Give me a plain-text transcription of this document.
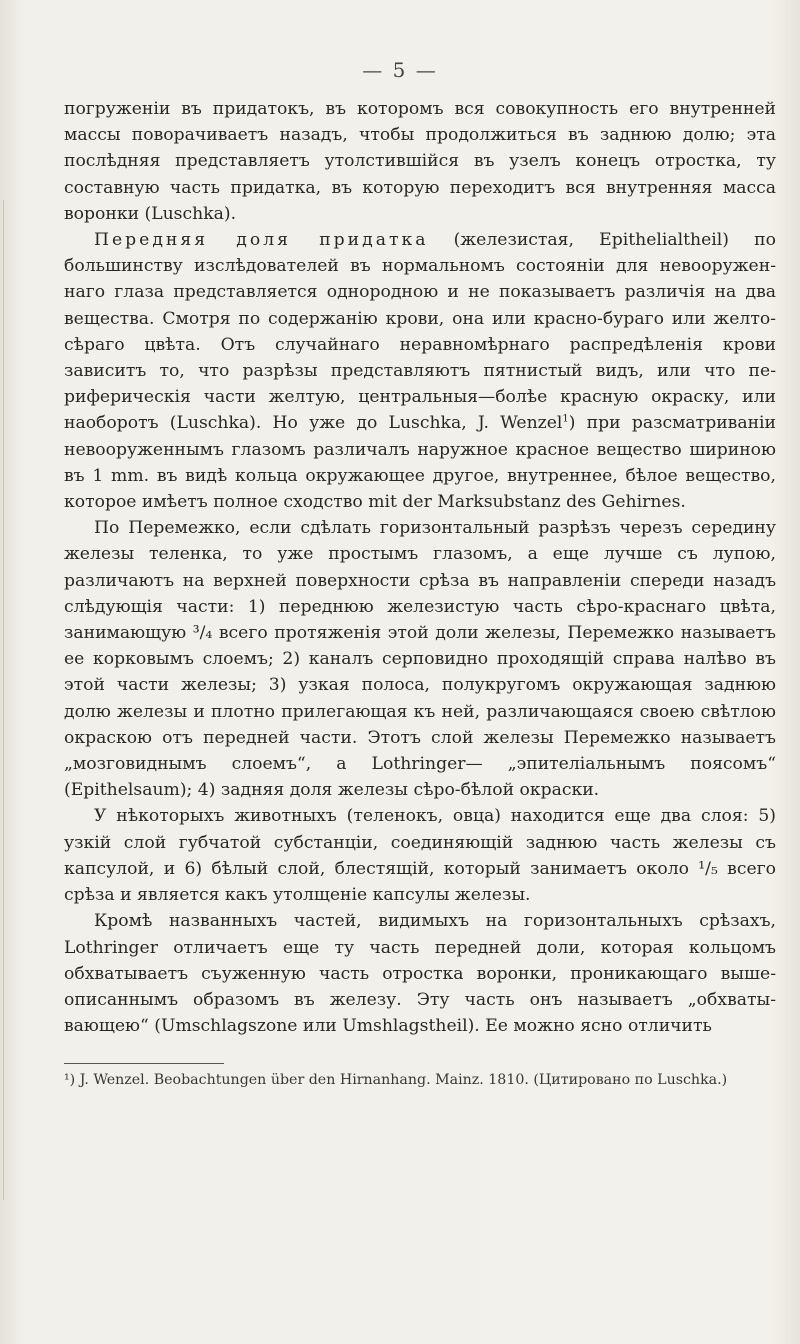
— 5 —

погруженіи въ придатокъ, въ которомъ вся совокупность его внутренней массы поворачиваетъ назадъ, чтобы продолжиться въ заднюю долю; эта послѣдняя представляетъ утолстившійся въ узелъ конецъ отростка, ту составную часть придатка, въ которую переходитъ вся внутренняя масса воронки (Luschka).

Передняя доля придатка (железистая, Epithelialtheil) по большинству изслѣдователей въ нормальномъ состояніи для невооруженнаго глаза представляется однородною и не показываетъ различія на два вещества. Смотря по содержанію крови, она или красно-бураго или желто-сѣраго цвѣта. Отъ случайнаго неравномѣрнаго распредѣленія крови зависитъ то, что разрѣзы представляютъ пятнистый видъ, или что периферическія части желтую, центральныя—болѣе красную окраску, или наоборотъ (Luschka). Но уже до Luschka, J. Wenzel$^1$) при разсматриваніи невооруженнымъ глазомъ различалъ наружное красное вещество шириною въ 1 mm. въ видѣ кольца окружающее другое, внутреннее, бѣлое вещество, которое имѣетъ полное сходство mit der Marksubstanz des Gehirnes.

По Перемежко, если сдѣлать горизонтальный разрѣзъ черезъ середину железы теленка, то уже простымъ глазомъ, а еще лучше съ лупою, различаютъ на верхней поверхности срѣза въ направленіи спереди назадъ слѣдующія части: 1) переднюю железистую часть сѣро-краснаго цвѣта, занимающую ³/₄ всего протяженія этой доли железы, Перемежко называетъ ее корковымъ слоемъ; 2) каналъ серповидно проходящій справа налѣво въ этой части железы; 3) узкая полоса, полукругомъ окружающая заднюю долю железы и плотно прилегающая къ ней, различающаяся своею свѣтлою окраскою отъ передней части. Этотъ слой железы Перемежко называетъ „мозговиднымъ слоемъ“, а Lothringer— „эпителіальнымъ поясомъ“ (Epithelsaum); 4) задняя доля железы сѣро-бѣлой окраски.

У нѣкоторыхъ животныхъ (теленокъ, овца) находится еще два слоя: 5) узкій слой губчатой субстанціи, соединяющій заднюю часть железы съ капсулой, и 6) бѣлый слой, блестящій, который занимаетъ около ¹/₅ всего срѣза и является какъ утолщеніе капсулы железы.

Кромѣ названныхъ частей, видимыхъ на горизонтальныхъ срѣзахъ, Lothringer отличаетъ еще ту часть передней доли, которая кольцомъ обхватываетъ съуженную часть отростка воронки, проникающаго вышеописаннымъ образомъ въ железу. Эту часть онъ называетъ „обхватывающею“ (Umschlagszone или Umshlagstheil). Ее можно ясно отличить

¹) J. Wenzel. Beobachtungen über den Hirnanhang. Mainz. 1810. (Цитировано по Luschka.)
